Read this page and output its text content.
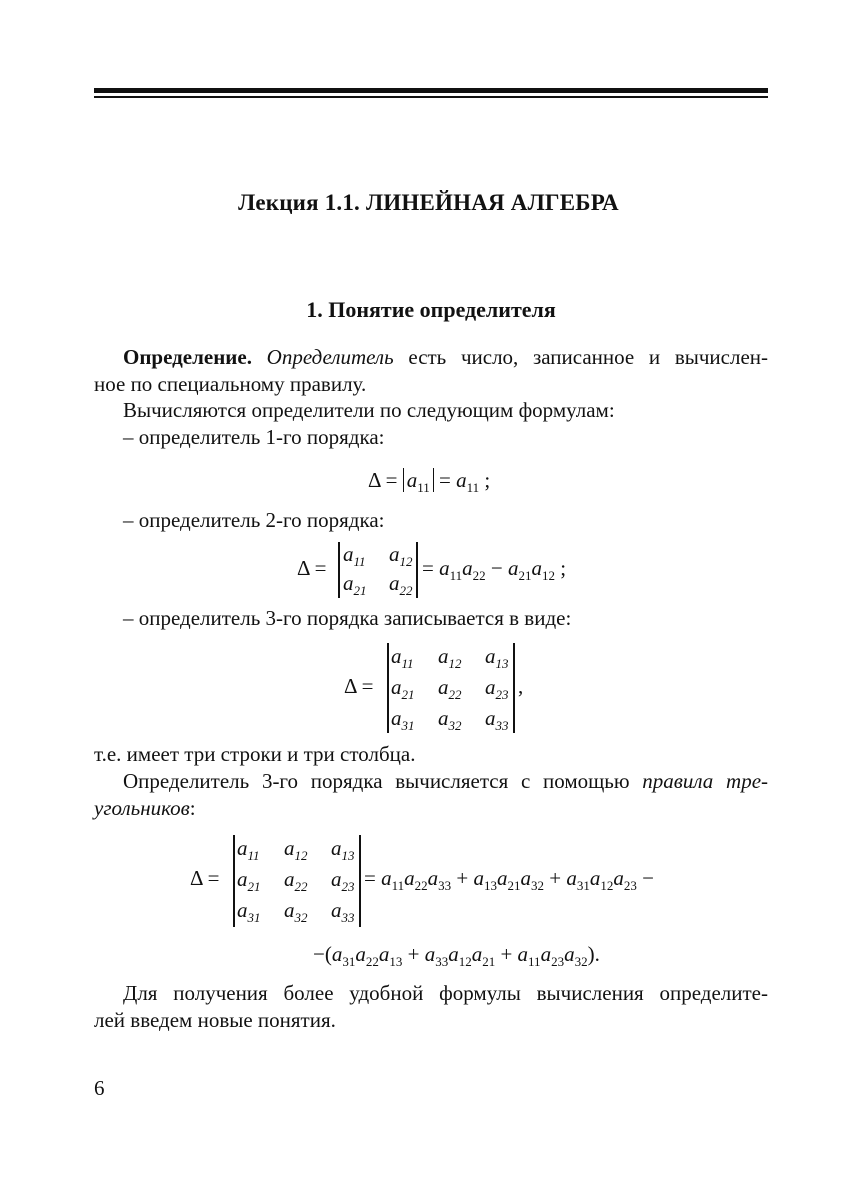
Лекция 1.1. ЛИНЕЙНАЯ АЛГЕБРА
1. Понятие определителя
Определение. Определитель есть число, записанное и вычислен-
ное по специальному правилу.
Вычисляются определители по следующим формулам:
– определитель 1-го порядка:
$\Delta = a_{11} = a_{11}$ ;
– определитель 2-го порядка:
Δ =
$a_{11}$ $a_{12}$
$a_{21}$ $a_{22}$
= $a_{11}a_{22} - a_{21}a_{12}$ ;
– определитель 3-го порядка записывается в виде:
Δ =
$a_{11}$ $a_{12}$ $a_{13}$
$a_{21}$ $a_{22}$ $a_{23}$
$a_{31}$ $a_{32}$ $a_{33}$
,
т.е. имеет три строки и три столбца.
Определитель 3-го порядка вычисляется с помощью правила тре-
угольников:
Δ =
$a_{11}$ $a_{12}$ $a_{13}$
$a_{21}$ $a_{22}$ $a_{23}$
$a_{31}$ $a_{32}$ $a_{33}$
= $a_{11}a_{22}a_{33} + a_{13}a_{21}a_{32} + a_{31}a_{12}a_{23}$ −
$-(a_{31}a_{22}a_{13} + a_{33}a_{12}a_{21} + a_{11}a_{23}a_{32})$.
Для получения более удобной формулы вычисления определите-
лей введем новые понятия.
6
